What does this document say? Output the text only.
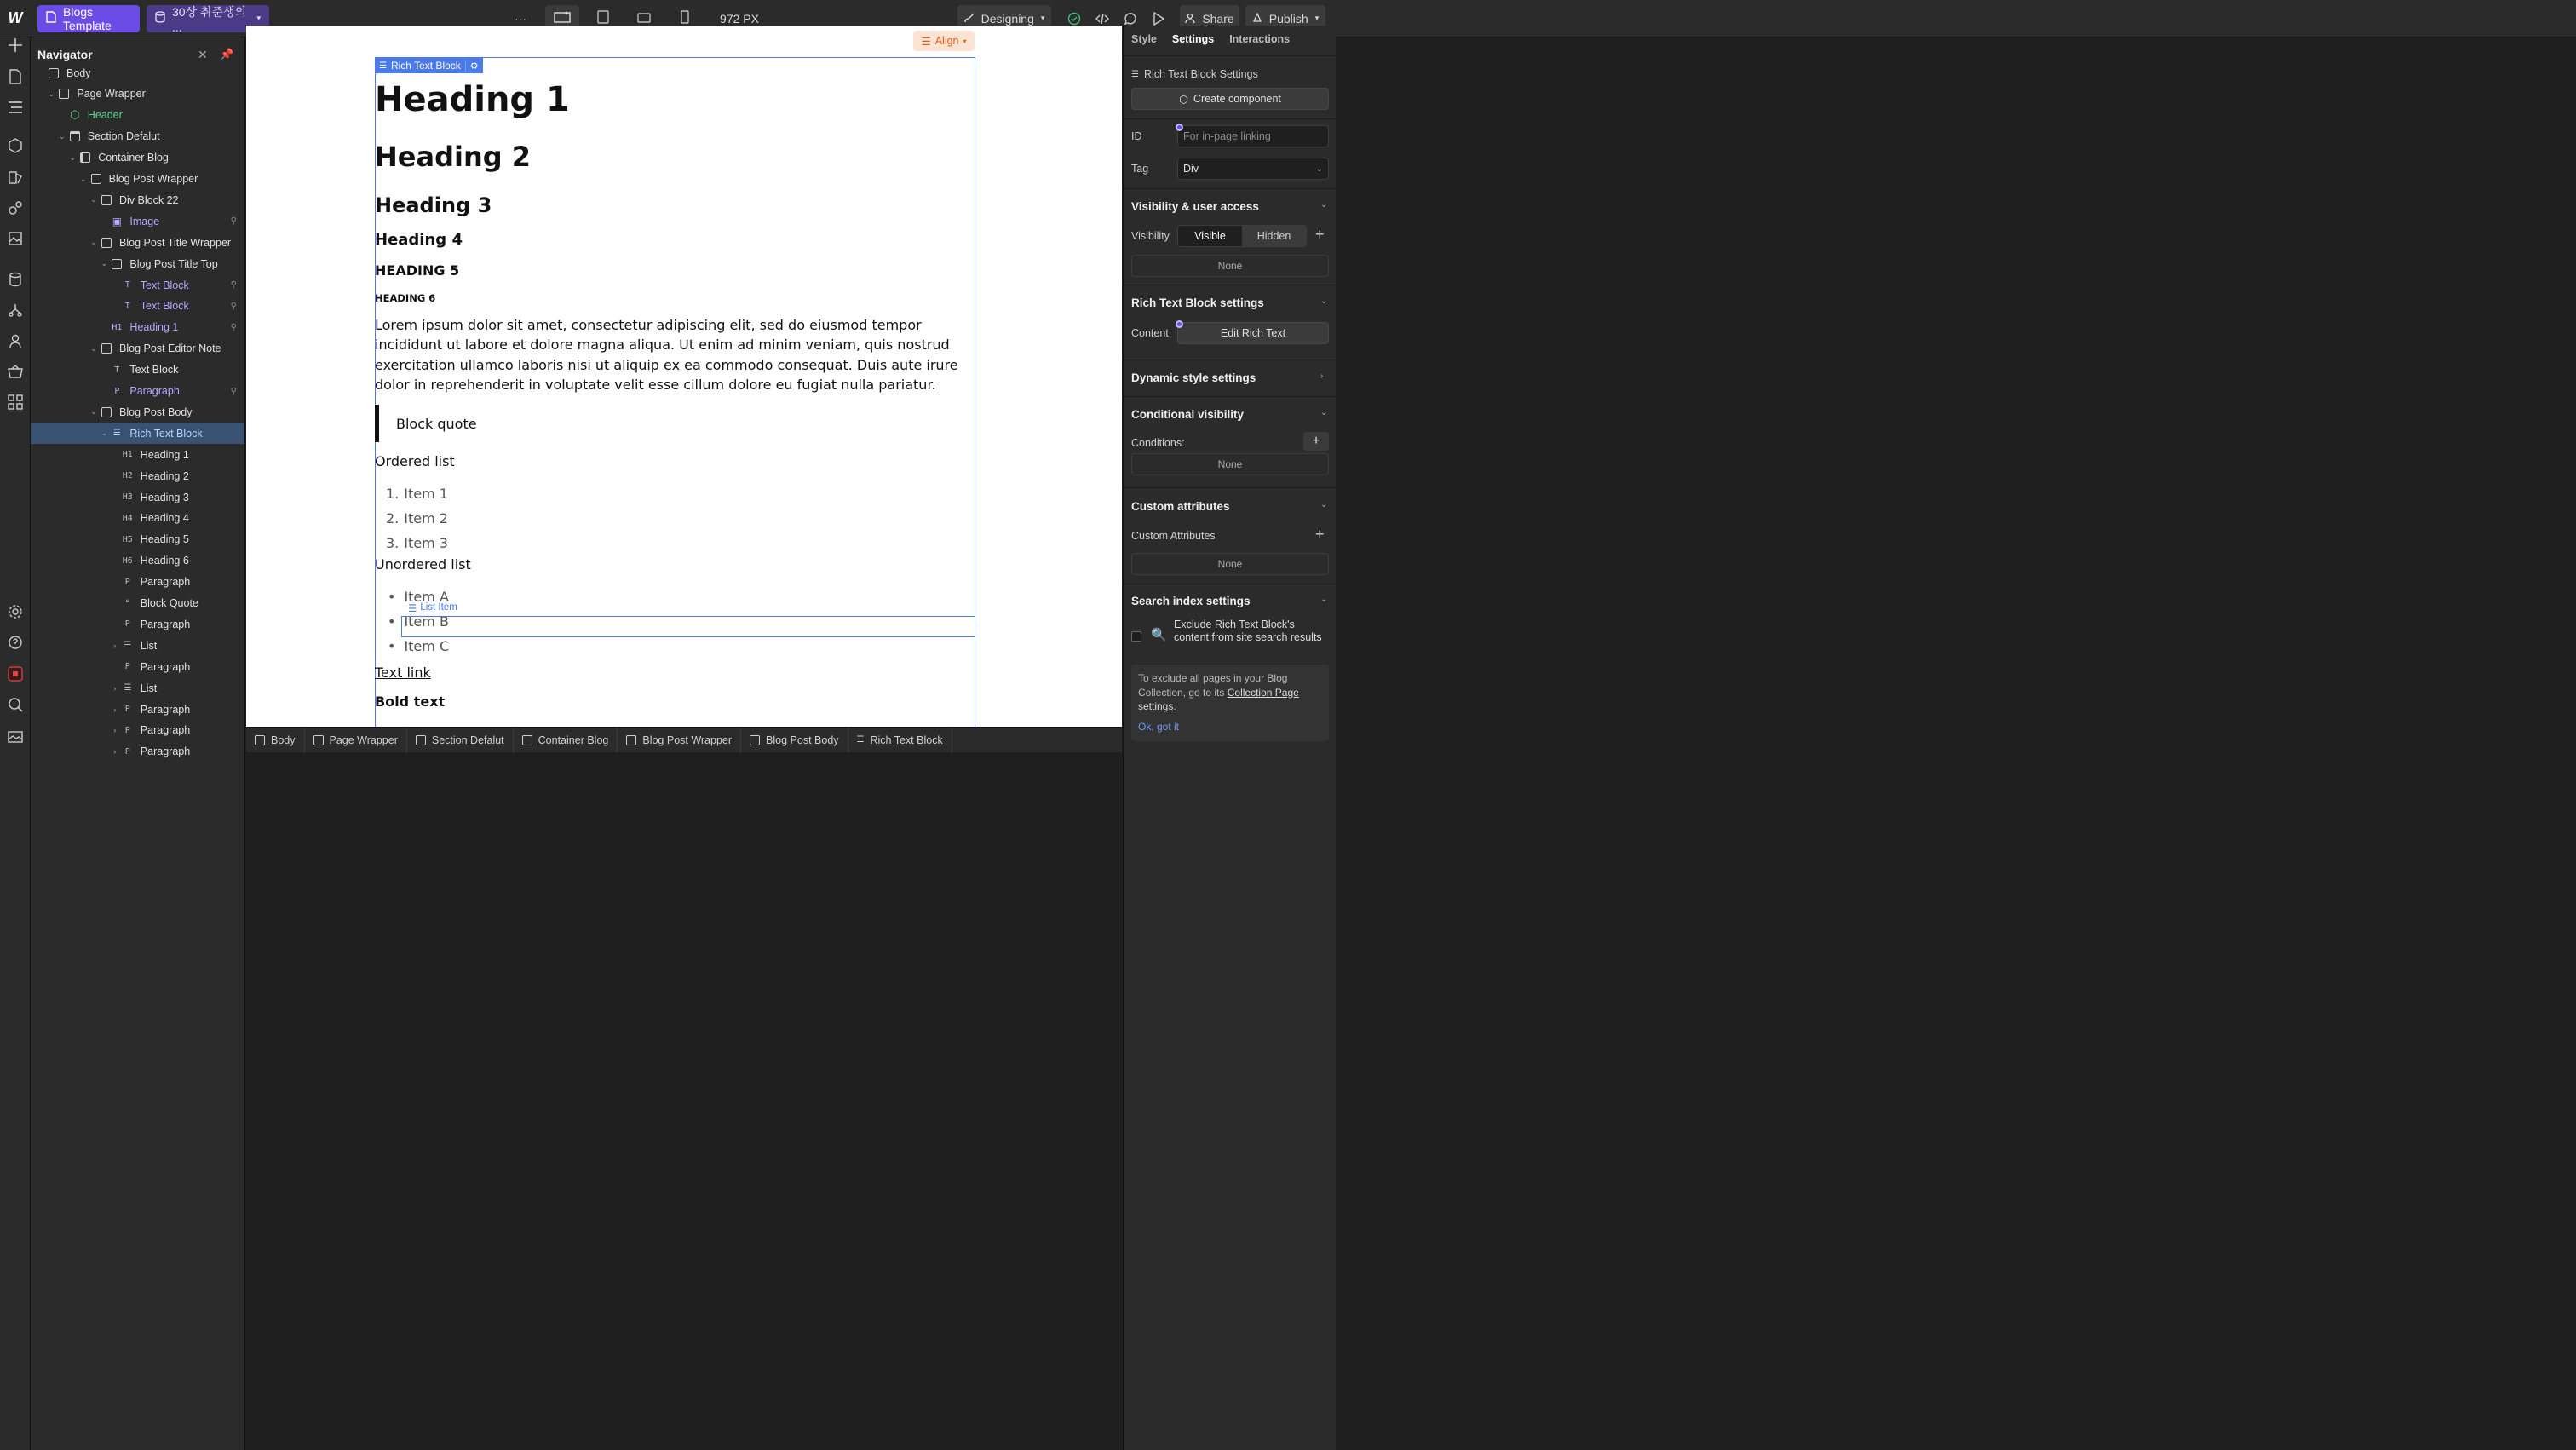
W	Blogs Template
30상 취준생의 ...
▾	···	972 PX	Designing ▾	Share	Publish ▾
Navigator	✕ 📌
Body
⌄ Page Wrapper
⬡ Header
⌄ Section Defalut
⌄ Container Blog
⌄ Blog Post Wrapper
⌄ Div Block 22
▣ Image	⚲
⌄ Blog Post Title Wrapper
⌄ Blog Post Title Top
T Text Block	⚲
T Text Block	⚲
H1 Heading 1	⚲
⌄ Blog Post Editor Note
T Text Block
P Paragraph	⚲
⌄ Blog Post Body
⌄ ☰ Rich Text Block
H1 Heading 1
H2 Heading 2
H3 Heading 3
H4 Heading 4
H5 Heading 5
H6 Heading 6
P Paragraph
❝ Block Quote
P Paragraph
› ☰ List
P Paragraph
› ☰ List
›	P Paragraph
›	P Paragraph
›	P Paragraph
☰ Align ▾
☰ Rich Text Block	⚙
Heading 1
Heading 2
Heading 3
Heading 4
HEADING 5
HEADING 6
Lorem ipsum dolor sit amet, consectetur adipiscing elit, sed do eiusmod tempor incididunt ut labore et dolore magna aliqua. Ut enim ad minim veniam, quis nostrud exercitation ullamco laboris nisi ut aliquip ex ea commodo consequat. Duis aute irure dolor in reprehenderit in voluptate velit esse cillum dolore eu fugiat nulla pariatur.
Block quote
Ordered list
1. Item 1
2. Item 2
3. Item 3
Unordered list
• Item A
• Item B
• Item C
Text link
Bold text
☰ List Item
Body	Page Wrapper	Section Defalut	Container Blog	Blog Post Wrapper	Blog Post Body ☰ Rich Text Block
Style Settings Interactions
☰ Rich Text Block Settings
⬡ Create component
ID	For in-page linking
Tag	Div	⌄
Visibility & user access	⌄
Visibility Visible	Hidden +
None
Rich Text Block settings	⌄
Content	Edit Rich Text
Dynamic style settings	›
Conditional visibility	⌄
Conditions:	+
None
Custom attributes	⌄
Custom Attributes	+
None
Search index settings	⌄
🔍
Exclude Rich Text Block's content from site search results
To exclude all pages in your Blog Collection, go to its Collection Page settings.
Ok, got it
